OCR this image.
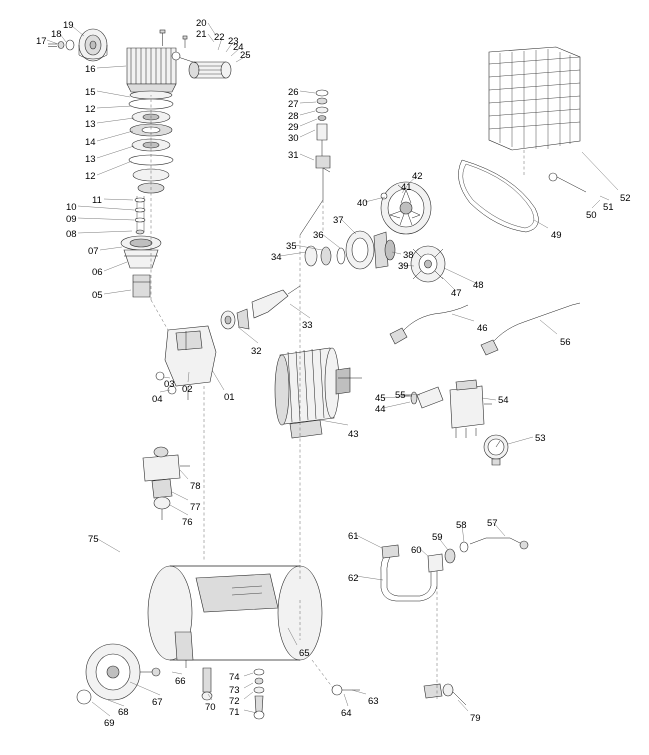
17
18
19	20
21 22 23
24
25
16
15
12
13
14
13
12
11
10
09
08
07
06
05
26
27
28
29
30
31
42
41
40
37
36
35
34	38
39
47
48
49
50
51
52
33
32
46
56
03
04
02
01
43
44
45 55	54
53
78
77
76
75	61
60
59
58 57
62
65
66
67
68
69
70 71
72
73
74
63
64	79
